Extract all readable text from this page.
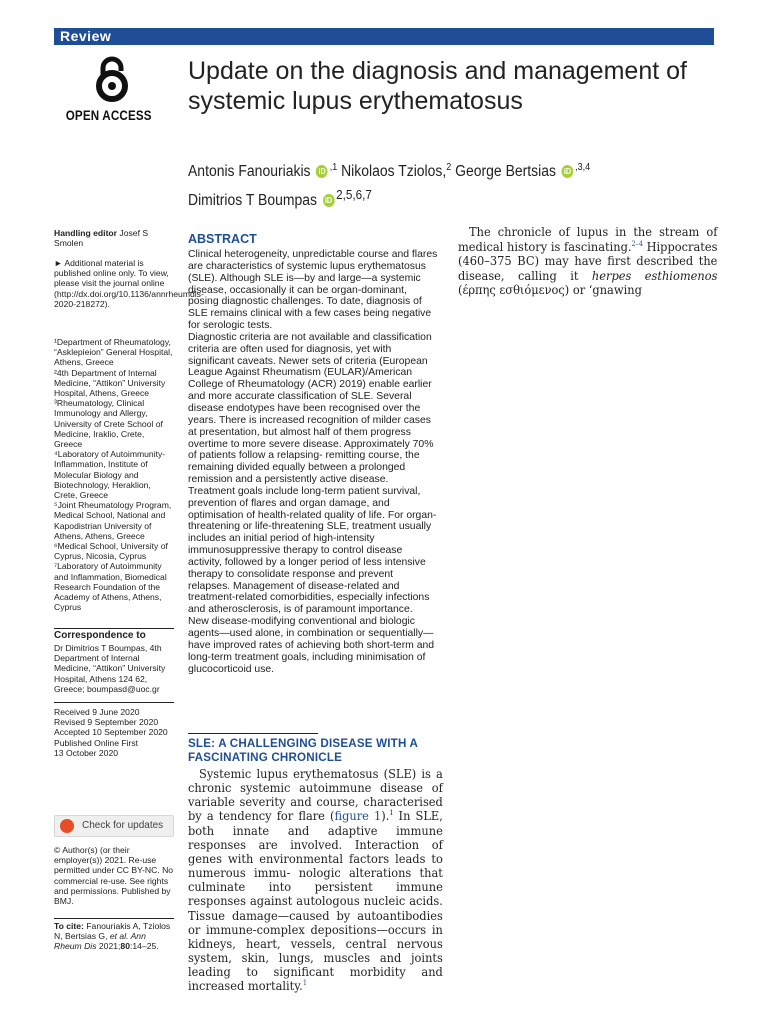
Review
OPEN ACCESS
Update on the diagnosis and management of systemic lupus erythematosus
Antonis Fanouriakis iD $^{,1}$ Nikolaos Tziolos,$^2$ George Bertsias iD $^{,3,4}$
Dimitrios T Boumpas iD $^{2,5,6,7}$
Handling editor Josef S Smolen
► Additional material is published online only. To view, please visit the journal online (http://dx.doi.org/10.1136/annrheumdis-2020-218272).
¹Department of Rheumatology, “Asklepieion” General Hospital, Athens, Greece
²4th Department of Internal Medicine, “Attikon” University Hospital, Athens, Greece
³Rheumatology, Clinical Immunology and Allergy, University of Crete School of Medicine, Iraklio, Crete, Greece
⁴Laboratory of Autoimmunity-Inflammation, Institute of Molecular Biology and Biotechnology, Heraklion, Crete, Greece
⁵Joint Rheumatology Program, Medical School, National and Kapodistrian University of Athens, Athens, Greece
⁶Medical School, University of Cyprus, Nicosia, Cyprus
⁷Laboratory of Autoimmunity and Inflammation, Biomedical Research Foundation of the Academy of Athens, Athens, Cyprus
Correspondence to
Dr Dimitrios T Boumpas, 4th Department of Internal Medicine, “Attikon” University Hospital, Athens 124 62, Greece; boumpasd@uoc.gr
Received 9 June 2020
Revised 9 September 2020
Accepted 10 September 2020
Published Online First
13 October 2020
Check for updates
© Author(s) (or their employer(s)) 2021. Re-use permitted under CC BY-NC. No commercial re-use. See rights and permissions. Published by BMJ.
To cite: Fanouriakis A, Tziolos N, Bertsias G, et al. Ann Rheum Dis 2021;80:14–25.
ABSTRACT

Clinical heterogeneity, unpredictable course and flares are characteristics of systemic lupus erythematosus (SLE). Although SLE is—by and large—a systemic disease, occasionally it can be organ-dominant, posing diagnostic challenges. To date, diagnosis of SLE remains clinical with a few cases being negative for serologic tests.

Diagnostic criteria are not available and classification criteria are often used for diagnosis, yet with significant caveats. Newer sets of criteria (European League Against Rheumatism (EULAR)/American College of Rheumatology (ACR) 2019) enable earlier and more accurate classification of SLE. Several disease endotypes have been recognised over the years. There is increased recognition of milder cases at presentation, but almost half of them progress overtime to more severe disease. Approximately 70% of patients follow a relapsing- remitting course, the remaining divided equally between a prolonged remission and a persistently active disease. Treatment goals include long-term patient survival,

prevention of flares and organ damage, and optimisation of health-related quality of life. For organ-threatening or life-threatening SLE, treatment usually includes an initial period of high-intensity immunosuppressive therapy to control disease activity, followed by a longer period of less intensive therapy to consolidate response and prevent relapses. Management of disease-related and treatment-related comorbidities, especially infections and atherosclerosis, is of paramount importance.

New disease-modifying conventional and biologic agents—used alone, in combination or sequentially—have improved rates of achieving both short-term and long-term treatment goals, including minimisation of glucocorticoid use.

SLE: A CHALLENGING DISEASE WITH A FASCINATING CHRONICLE
Systemic lupus erythematosus (SLE) is a chronic systemic autoimmune disease of variable severity and course, characterised by a tendency for flare (figure 1).$^1$ In SLE, both innate and adaptive immune responses are involved. Interaction of genes with environmental factors leads to numerous immu- nologic alterations that culminate into persistent immune responses against autologous nucleic acids. Tissue damage—caused by autoantibodies or immune-complex depositions—occurs in kidneys, heart, vessels, central nervous system, skin, lungs, muscles and joints leading to significant morbidity and increased mortality.$^1$
The chronicle of lupus in the stream of medical history is fascinating.$^{2-4}$ Hippocrates (460–375 BC) may have first described the disease, calling it herpes esthiomenos (έρπης εσθιόμενος) or ‘gnawing
